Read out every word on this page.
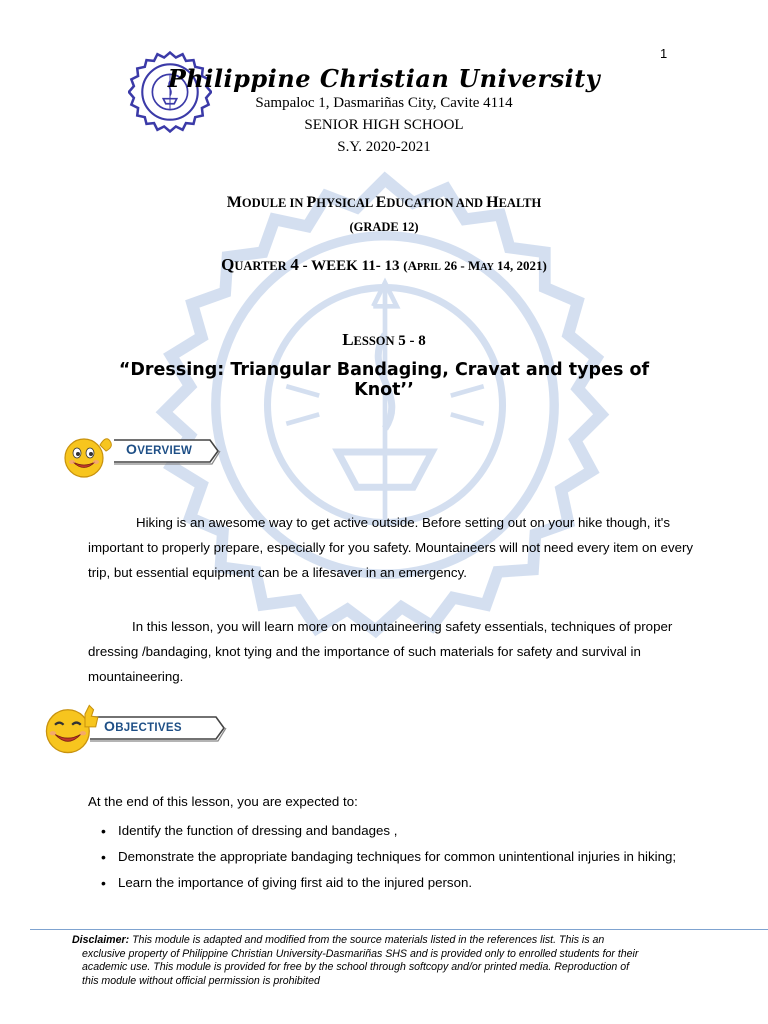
1
Philippine Christian University
Sampaloc 1, Dasmariñas City, Cavite 4114
SENIOR HIGH SCHOOL
S.Y. 2020-2021
MODULE IN PHYSICAL EDUCATION AND HEALTH
(GRADE 12)
QUARTER 4 - WEEK 11- 13 (APRIL 26 - MAY 14, 2021)
LESSON 5 - 8
“Dressing: Triangular Bandaging, Cravat and types of Knot’’
OVERVIEW
Hiking is an awesome way to get active outside. Before setting out on your hike though, it's important to properly prepare, especially for you safety. Mountaineers will not need every item on every trip, but essential equipment can be a lifesaver in an emergency.
In this lesson, you will learn more on mountaineering safety essentials, techniques of proper dressing /bandaging, knot tying and the importance of such materials for safety and survival in mountaineering.
OBJECTIVES
At the end of this lesson, you are expected to:
• Identify the function of dressing and bandages ,
• Demonstrate the appropriate bandaging techniques for common unintentional injuries in hiking;
• Learn the importance of giving first aid to the injured person.
Disclaimer: This module is adapted and modified from the source materials listed in the references list. This is an
exclusive property of Philippine Christian University-Dasmariñas SHS and is provided only to enrolled students for their
academic use. This module is provided for free by the school through softcopy and/or printed media. Reproduction of
this module without official permission is prohibited
